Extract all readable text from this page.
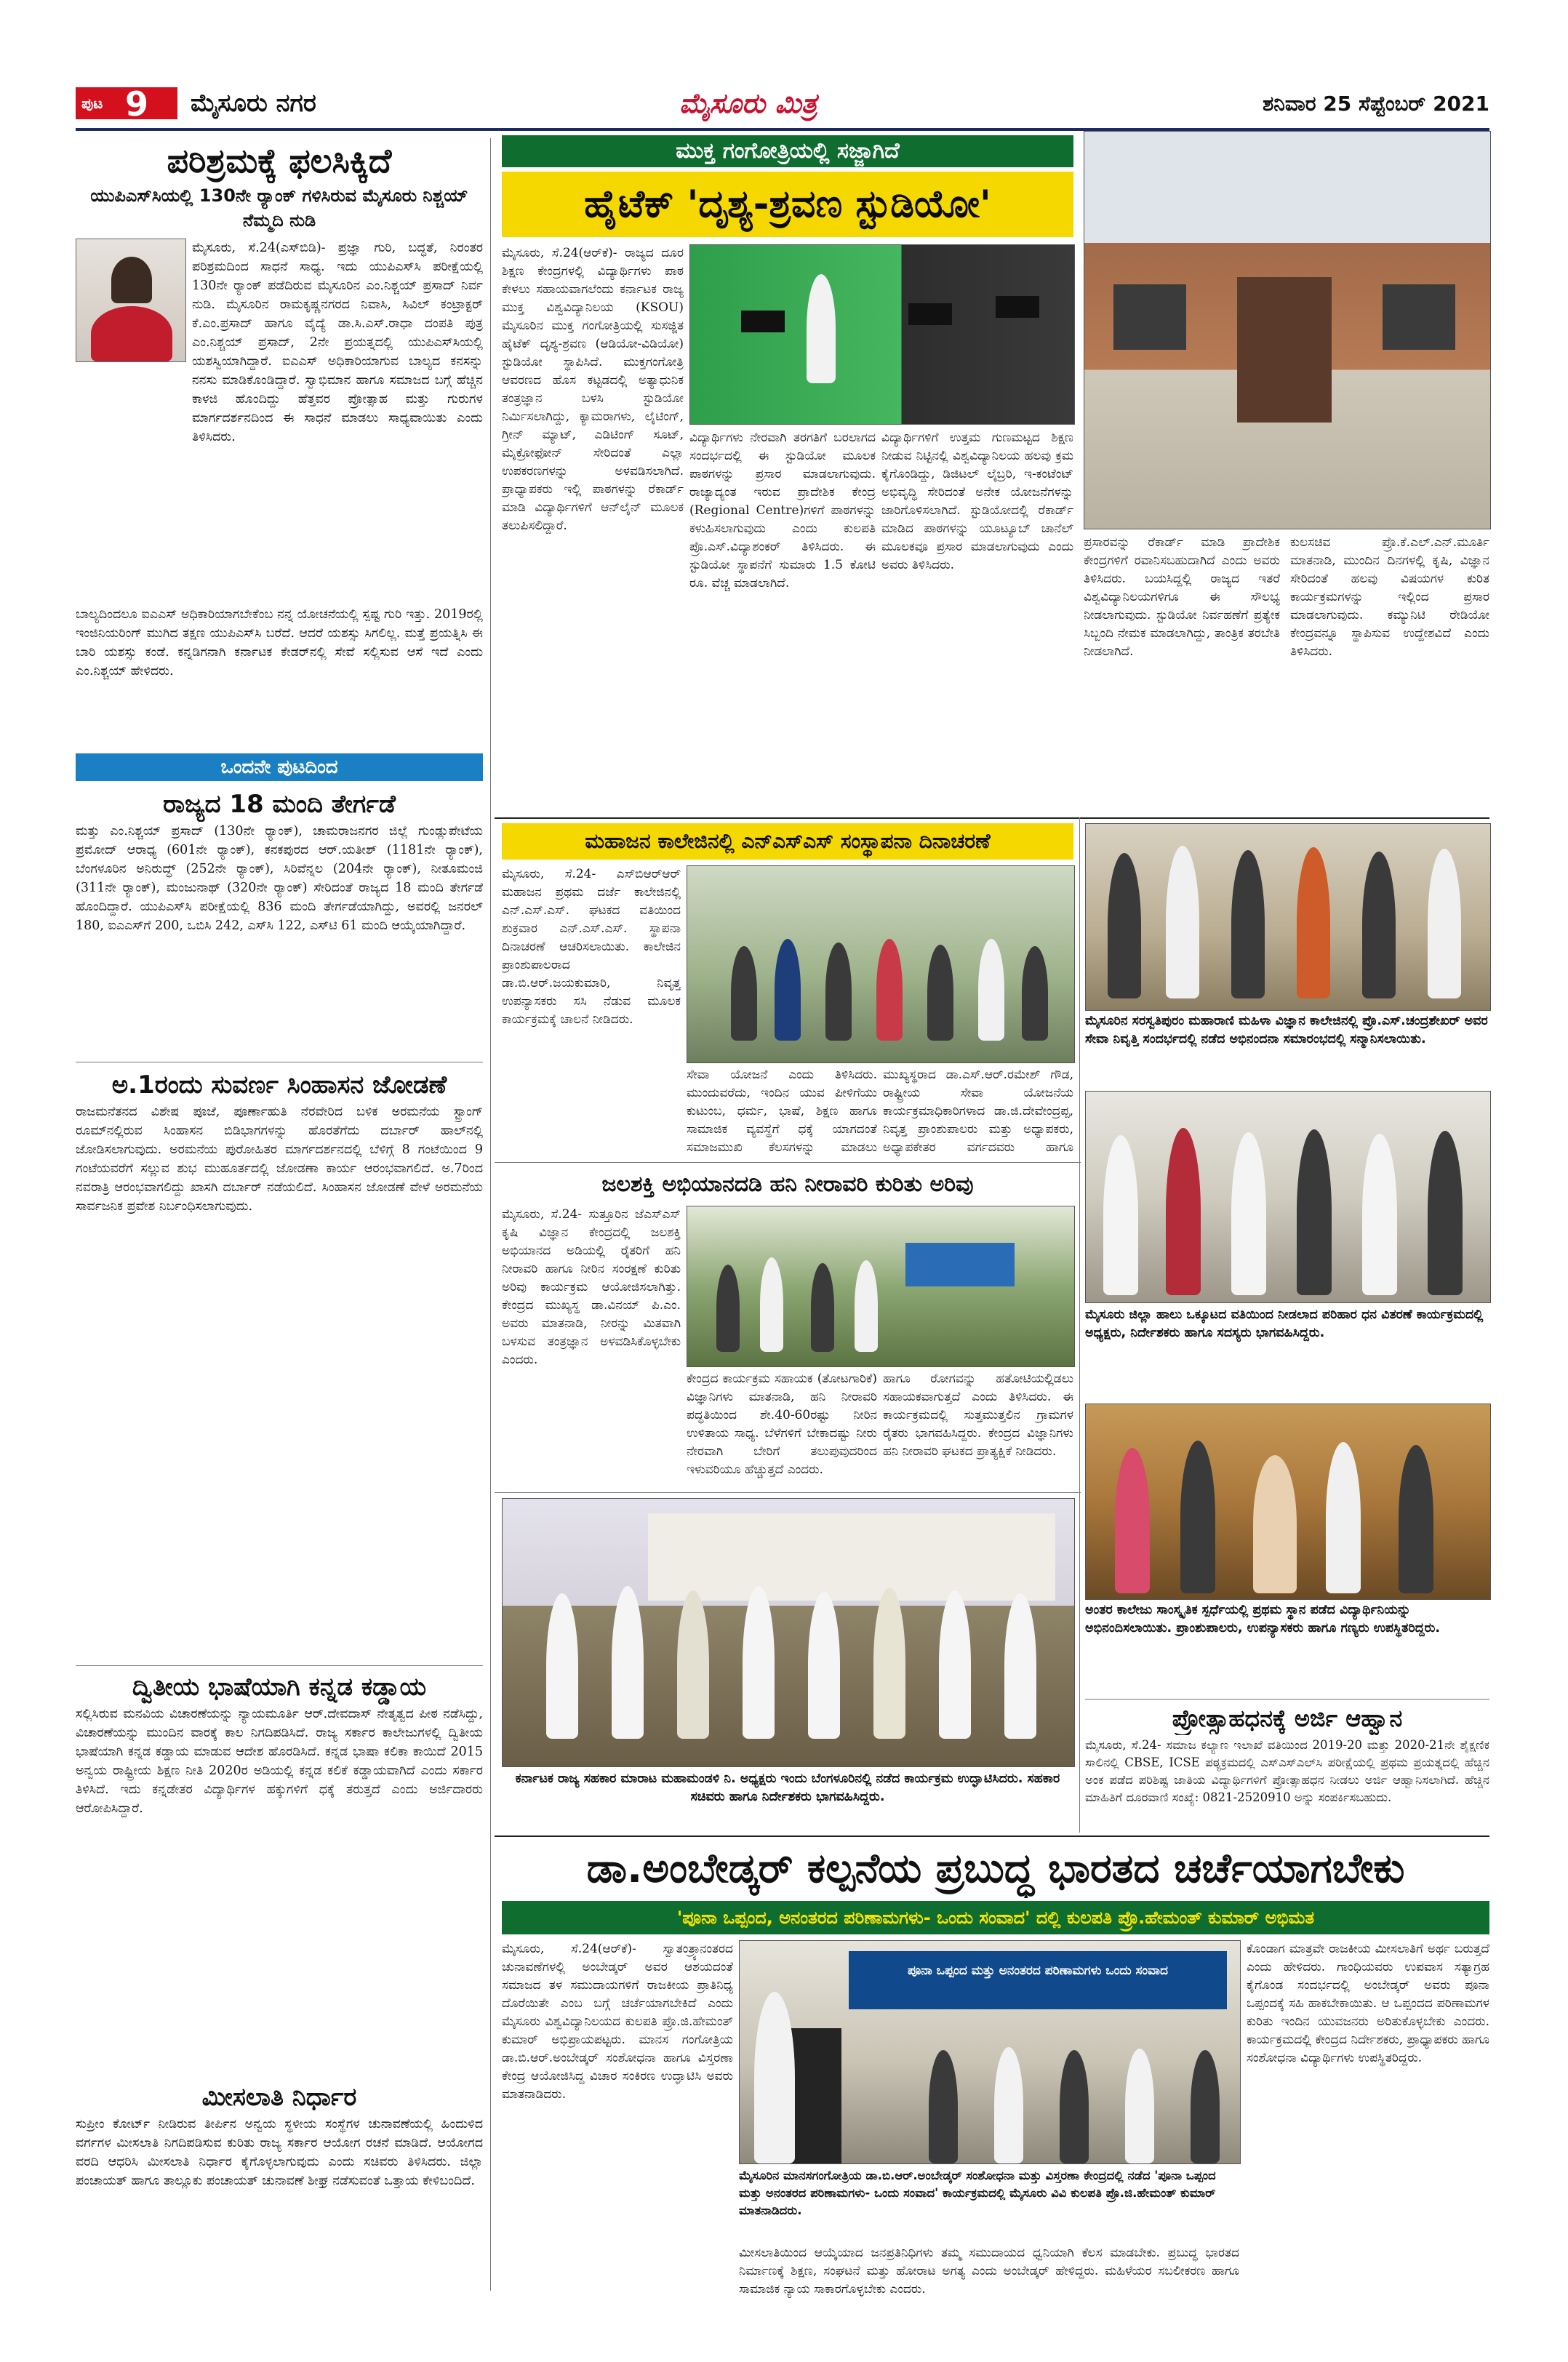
ಪುಟ 9 ಮೈಸೂರು ನಗರ	ಮೈಸೂರು ಮಿತ್ರ	ಶನಿವಾರ 25 ಸೆಪ್ಟೆಂಬರ್ 2021
ಪರಿಶ್ರಮಕ್ಕೆ ಫಲಸಿಕ್ಕಿದೆ
ಯುಪಿಎಸ್‌ಸಿಯಲ್ಲಿ 130ನೇ ರ್‍ಯಾಂಕ್ ಗಳಿಸಿರುವ ಮೈಸೂರು ನಿಶ್ಚಯ್ ನೆಮ್ಮದಿ ನುಡಿ
ಮೈಸೂರು, ಸೆ.24(ಎಸ್‌ಬಿಡಿ)- ಪ್ರಜ್ಞಾ ಗುರಿ, ಬದ್ಧತೆ, ನಿರಂತರ ಪರಿಶ್ರಮದಿಂದ ಸಾಧನೆ ಸಾಧ್ಯ. ಇದು ಯುಪಿಎಸ್‌ಸಿ ಪರೀಕ್ಷೆಯಲ್ಲಿ 130ನೇ ರ್‍ಯಾಂಕ್ ಪಡೆದಿರುವ ಮೈಸೂರಿನ ಎಂ.ನಿಶ್ಚಯ್ ಪ್ರಸಾದ್ ನಿರ್ವ ನುಡಿ. ಮೈಸೂರಿನ ರಾಮಕೃಷ್ಣನಗರದ ನಿವಾಸಿ, ಸಿವಿಲ್ ಕಂಟ್ರಾಕ್ಟರ್ ಕೆ.ಎಂ.ಪ್ರಸಾದ್ ಹಾಗೂ ವೈದ್ಯೆ ಡಾ.ಸಿ.ಎಸ್.ರಾಧಾ ದಂಪತಿ ಪುತ್ರ ಎಂ.ನಿಶ್ಚಯ್ ಪ್ರಸಾದ್, 2ನೇ ಪ್ರಯತ್ನದಲ್ಲಿ ಯುಪಿಎಸ್‌ಸಿಯಲ್ಲಿ ಯಶಸ್ವಿಯಾಗಿದ್ದಾರೆ. ಐಎಎಸ್ ಅಧಿಕಾರಿಯಾಗುವ ಬಾಲ್ಯದ ಕನಸನ್ನು ನನಸು ಮಾಡಿಕೊಂಡಿದ್ದಾರೆ. ಸ್ವಾಭಿಮಾನ ಹಾಗೂ ಸಮಾಜದ ಬಗ್ಗೆ ಹೆಚ್ಚಿನ ಕಾಳಜಿ ಹೊಂದಿದ್ದು ಹೆತ್ತವರ ಪ್ರೋತ್ಸಾಹ ಮತ್ತು ಗುರುಗಳ ಮಾರ್ಗದರ್ಶನದಿಂದ ಈ ಸಾಧನೆ ಮಾಡಲು ಸಾಧ್ಯವಾಯಿತು ಎಂದು ತಿಳಿಸಿದರು.
ಬಾಲ್ಯದಿಂದಲೂ ಐಎಎಸ್ ಅಧಿಕಾರಿಯಾಗಬೇಕೆಂಬ ನನ್ನ ಯೋಚನೆಯಲ್ಲಿ ಸ್ಪಷ್ಟ ಗುರಿ ಇತ್ತು. 2019ರಲ್ಲಿ ಇಂಜಿನಿಯರಿಂಗ್ ಮುಗಿದ ತಕ್ಷಣ ಯುಪಿಎಸ್‌ಸಿ ಬರೆದೆ. ಆದರೆ ಯಶಸ್ಸು ಸಿಗಲಿಲ್ಲ. ಮತ್ತೆ ಪ್ರಯತ್ನಿಸಿ ಈ ಬಾರಿ ಯಶಸ್ಸು ಕಂಡೆ. ಕನ್ನಡಿಗನಾಗಿ ಕರ್ನಾಟಕ ಕೇಡರ್‌ನಲ್ಲಿ ಸೇವೆ ಸಲ್ಲಿಸುವ ಆಸೆ ಇದೆ ಎಂದು ಎಂ.ನಿಶ್ಚಯ್ ಹೇಳಿದರು.
ಒಂದನೇ ಪುಟದಿಂದ
ರಾಜ್ಯದ 18 ಮಂದಿ ತೇರ್ಗಡೆ
ಮತ್ತು ಎಂ.ನಿಶ್ಚಯ್ ಪ್ರಸಾದ್ (130ನೇ ರ್‍ಯಾಂಕ್), ಚಾಮರಾಜನಗರ ಜಿಲ್ಲೆ ಗುಂಡ್ಲುಪೇಟೆಯ ಪ್ರಮೋದ್ ಆರಾಧ್ಯ (601ನೇ ರ್‍ಯಾಂಕ್), ಕನಕಪುರದ ಆರ್.ಯತೀಶ್ (1181ನೇ ರ್‍ಯಾಂಕ್), ಬೆಂಗಳೂರಿನ ಅನಿರುದ್ಧ್ (252ನೇ ರ್‍ಯಾಂಕ್), ಸಿರಿವೆನ್ನಲ (204ನೇ ರ್‍ಯಾಂಕ್), ನೀತೂಮಂಜಿ (311ನೇ ರ್‍ಯಾಂಕ್), ಮಂಜುನಾಥ್ (320ನೇ ರ್‍ಯಾಂಕ್) ಸೇರಿದಂತೆ ರಾಜ್ಯದ 18 ಮಂದಿ ತೇರ್ಗಡೆ ಹೊಂದಿದ್ದಾರೆ. ಯುಪಿಎಸ್‌ಸಿ ಪರೀಕ್ಷೆಯಲ್ಲಿ 836 ಮಂದಿ ತೇರ್ಗಡೆಯಾಗಿದ್ದು, ಅವರಲ್ಲಿ ಜನರಲ್ 180, ಐಎಎಸ್‌ಗೆ 200, ಒಬಿಸಿ 242, ಎಸ್‌ಸಿ 122, ಎಸ್‌ಟಿ 61 ಮಂದಿ ಆಯ್ಕೆಯಾಗಿದ್ದಾರೆ.
ಅ.1ರಂದು ಸುವರ್ಣ ಸಿಂಹಾಸನ ಜೋಡಣೆ
ರಾಜಮನೆತನದ ವಿಶೇಷ ಪೂಜೆ, ಪೂರ್ಣಾಹುತಿ ನೆರವೇರಿದ ಬಳಿಕ ಅರಮನೆಯ ಸ್ಟ್ರಾಂಗ್ ರೂಮ್‌ನಲ್ಲಿರುವ ಸಿಂಹಾಸನ ಬಿಡಿಭಾಗಗಳನ್ನು ಹೊರತೆಗೆದು ದರ್ಬಾರ್ ಹಾಲ್‌ನಲ್ಲಿ ಜೋಡಿಸಲಾಗುವುದು. ಅರಮನೆಯ ಪುರೋಹಿತರ ಮಾರ್ಗದರ್ಶನದಲ್ಲಿ ಬೆಳಿಗ್ಗೆ 8 ಗಂಟೆಯಿಂದ 9 ಗಂಟೆಯವರೆಗೆ ಸಲ್ಲುವ ಶುಭ ಮುಹೂರ್ತದಲ್ಲಿ ಜೋಡಣಾ ಕಾರ್ಯ ಆರಂಭವಾಗಲಿದೆ. ಅ.7ರಿಂದ ನವರಾತ್ರಿ ಆರಂಭವಾಗಲಿದ್ದು ಖಾಸಗಿ ದರ್ಬಾರ್ ನಡೆಯಲಿದೆ. ಸಿಂಹಾಸನ ಜೋಡಣೆ ವೇಳೆ ಅರಮನೆಯ ಸಾರ್ವಜನಿಕ ಪ್ರವೇಶ ನಿರ್ಬಂಧಿಸಲಾಗುವುದು.
ದ್ವಿತೀಯ ಭಾಷೆಯಾಗಿ ಕನ್ನಡ ಕಡ್ಡಾಯ
ಸಲ್ಲಿಸಿರುವ ಮನವಿಯ ವಿಚಾರಣೆಯನ್ನು ನ್ಯಾಯಮೂರ್ತಿ ಆರ್.ದೇವದಾಸ್ ನೇತೃತ್ವದ ಪೀಠ ನಡೆಸಿದ್ದು, ವಿಚಾರಣೆಯನ್ನು ಮುಂದಿನ ವಾರಕ್ಕೆ ಕಾಲ ನಿಗದಿಪಡಿಸಿದೆ. ರಾಜ್ಯ ಸರ್ಕಾರ ಕಾಲೇಜುಗಳಲ್ಲಿ ದ್ವಿತೀಯ ಭಾಷೆಯಾಗಿ ಕನ್ನಡ ಕಡ್ಡಾಯ ಮಾಡುವ ಆದೇಶ ಹೊರಡಿಸಿದೆ. ಕನ್ನಡ ಭಾಷಾ ಕಲಿಕಾ ಕಾಯಿದೆ 2015 ಅನ್ವಯ ರಾಷ್ಟ್ರೀಯ ಶಿಕ್ಷಣ ನೀತಿ 2020ರ ಅಡಿಯಲ್ಲಿ ಕನ್ನಡ ಕಲಿಕೆ ಕಡ್ಡಾಯವಾಗಿದೆ ಎಂದು ಸರ್ಕಾರ ತಿಳಿಸಿದೆ. ಇದು ಕನ್ನಡೇತರ ವಿದ್ಯಾರ್ಥಿಗಳ ಹಕ್ಕುಗಳಿಗೆ ಧಕ್ಕೆ ತರುತ್ತದೆ ಎಂದು ಅರ್ಜಿದಾರರು ಆರೋಪಿಸಿದ್ದಾರೆ.
ಮೀಸಲಾತಿ ನಿರ್ಧಾರ
ಸುಪ್ರೀಂ ಕೋರ್ಟ್ ನೀಡಿರುವ ತೀರ್ಪಿನ ಅನ್ವಯ ಸ್ಥಳೀಯ ಸಂಸ್ಥೆಗಳ ಚುನಾವಣೆಯಲ್ಲಿ ಹಿಂದುಳಿದ ವರ್ಗಗಳ ಮೀಸಲಾತಿ ನಿಗದಿಪಡಿಸುವ ಕುರಿತು ರಾಜ್ಯ ಸರ್ಕಾರ ಆಯೋಗ ರಚನೆ ಮಾಡಿದೆ. ಆಯೋಗದ ವರದಿ ಆಧರಿಸಿ ಮೀಸಲಾತಿ ನಿರ್ಧಾರ ಕೈಗೊಳ್ಳಲಾಗುವುದು ಎಂದು ಸಚಿವರು ತಿಳಿಸಿದರು. ಜಿಲ್ಲಾ ಪಂಚಾಯತ್ ಹಾಗೂ ತಾಲ್ಲೂಕು ಪಂಚಾಯತ್ ಚುನಾವಣೆ ಶೀಘ್ರ ನಡೆಸುವಂತೆ ಒತ್ತಾಯ ಕೇಳಿಬಂದಿದೆ.
ಮುಕ್ತ ಗಂಗೋತ್ರಿಯಲ್ಲಿ ಸಜ್ಜಾಗಿದೆ
ಹೈಟೆಕ್ 'ದೃಶ್ಯ-ಶ್ರವಣ ಸ್ಟುಡಿಯೋ'
ಮೈಸೂರು, ಸೆ.24(ಆರ್‌ಕೆ)- ರಾಜ್ಯದ ದೂರ ಶಿಕ್ಷಣ ಕೇಂದ್ರಗಳಲ್ಲಿ ವಿದ್ಯಾರ್ಥಿಗಳು ಪಾಠ ಕೇಳಲು ಸಹಾಯವಾಗಲೆಂದು ಕರ್ನಾಟಕ ರಾಜ್ಯ ಮುಕ್ತ ವಿಶ್ವವಿದ್ಯಾನಿಲಯ (KSOU) ಮೈಸೂರಿನ ಮುಕ್ತ ಗಂಗೋತ್ರಿಯಲ್ಲಿ ಸುಸಜ್ಜಿತ ಹೈಟೆಕ್ ದೃಶ್ಯ-ಶ್ರವಣ (ಆಡಿಯೋ-ವಿಡಿಯೋ) ಸ್ಟುಡಿಯೋ ಸ್ಥಾಪಿಸಿದೆ. ಮುಕ್ತಗಂಗೋತ್ರಿ ಆವರಣದ ಹೊಸ ಕಟ್ಟಡದಲ್ಲಿ ಅತ್ಯಾಧುನಿಕ ತಂತ್ರಜ್ಞಾನ ಬಳಸಿ ಸ್ಟುಡಿಯೋ ನಿರ್ಮಿಸಲಾಗಿದ್ದು, ಕ್ಯಾಮರಾಗಳು, ಲೈಟಿಂಗ್, ಗ್ರೀನ್ ಮ್ಯಾಟ್, ಎಡಿಟಿಂಗ್ ಸೂಟ್, ಮೈಕ್ರೋಫೋನ್ ಸೇರಿದಂತೆ ಎಲ್ಲಾ ಉಪಕರಣಗಳನ್ನು ಅಳವಡಿಸಲಾಗಿದೆ. ಪ್ರಾಧ್ಯಾಪಕರು ಇಲ್ಲಿ ಪಾಠಗಳನ್ನು ರೆಕಾರ್ಡ್ ಮಾಡಿ ವಿದ್ಯಾರ್ಥಿಗಳಿಗೆ ಆನ್‌ಲೈನ್ ಮೂಲಕ ತಲುಪಿಸಲಿದ್ದಾರೆ.
ವಿದ್ಯಾರ್ಥಿಗಳು ನೇರವಾಗಿ ತರಗತಿಗೆ ಬರಲಾಗದ ಸಂದರ್ಭದಲ್ಲಿ ಈ ಸ್ಟುಡಿಯೋ ಮೂಲಕ ಪಾಠಗಳನ್ನು ಪ್ರಸಾರ ಮಾಡಲಾಗುವುದು. ರಾಜ್ಯಾದ್ಯಂತ ಇರುವ ಪ್ರಾದೇಶಿಕ ಕೇಂದ್ರ (Regional Centre)ಗಳಿಗೆ ಪಾಠಗಳನ್ನು ಕಳುಹಿಸಲಾಗುವುದು ಎಂದು ಕುಲಪತಿ ಪ್ರೊ.ಎಸ್.ವಿದ್ಯಾಶಂಕರ್ ತಿಳಿಸಿದರು. ಈ ಸ್ಟುಡಿಯೋ ಸ್ಥಾಪನೆಗೆ ಸುಮಾರು 1.5 ಕೋಟಿ ರೂ. ವೆಚ್ಚ ಮಾಡಲಾಗಿದೆ.
ವಿದ್ಯಾರ್ಥಿಗಳಿಗೆ ಉತ್ತಮ ಗುಣಮಟ್ಟದ ಶಿಕ್ಷಣ ನೀಡುವ ನಿಟ್ಟಿನಲ್ಲಿ ವಿಶ್ವವಿದ್ಯಾನಿಲಯ ಹಲವು ಕ್ರಮ ಕೈಗೊಂಡಿದ್ದು, ಡಿಜಿಟಲ್ ಲೈಬ್ರರಿ, ಇ-ಕಂಟೆಂಟ್ ಅಭಿವೃದ್ಧಿ ಸೇರಿದಂತೆ ಅನೇಕ ಯೋಜನೆಗಳನ್ನು ಜಾರಿಗೊಳಿಸಲಾಗಿದೆ. ಸ್ಟುಡಿಯೋದಲ್ಲಿ ರೆಕಾರ್ಡ್ ಮಾಡಿದ ಪಾಠಗಳನ್ನು ಯೂಟ್ಯೂಬ್ ಚಾನೆಲ್ ಮೂಲಕವೂ ಪ್ರಸಾರ ಮಾಡಲಾಗುವುದು ಎಂದು ಅವರು ತಿಳಿಸಿದರು.
ಪ್ರಸಾರವನ್ನು ರೆಕಾರ್ಡ್ ಮಾಡಿ ಪ್ರಾದೇಶಿಕ ಕೇಂದ್ರಗಳಿಗೆ ರವಾನಿಸಬಹುದಾಗಿದೆ ಎಂದು ಅವರು ತಿಳಿಸಿದರು. ಬಯಸಿದ್ದಲ್ಲಿ ರಾಜ್ಯದ ಇತರೆ ವಿಶ್ವವಿದ್ಯಾನಿಲಯಗಳಿಗೂ ಈ ಸೌಲಭ್ಯ ನೀಡಲಾಗುವುದು. ಸ್ಟುಡಿಯೋ ನಿರ್ವಹಣೆಗೆ ಪ್ರತ್ಯೇಕ ಸಿಬ್ಬಂದಿ ನೇಮಕ ಮಾಡಲಾಗಿದ್ದು, ತಾಂತ್ರಿಕ ತರಬೇತಿ ನೀಡಲಾಗಿದೆ.
ಕುಲಸಚಿವ ಪ್ರೊ.ಕೆ.ಎಲ್.ಎನ್.ಮೂರ್ತಿ ಮಾತನಾಡಿ, ಮುಂದಿನ ದಿನಗಳಲ್ಲಿ ಕೃಷಿ, ವಿಜ್ಞಾನ ಸೇರಿದಂತೆ ಹಲವು ವಿಷಯಗಳ ಕುರಿತ ಕಾರ್ಯಕ್ರಮಗಳನ್ನು ಇಲ್ಲಿಂದ ಪ್ರಸಾರ ಮಾಡಲಾಗುವುದು. ಕಮ್ಯುನಿಟಿ ರೇಡಿಯೋ ಕೇಂದ್ರವನ್ನೂ ಸ್ಥಾಪಿಸುವ ಉದ್ದೇಶವಿದೆ ಎಂದು ತಿಳಿಸಿದರು.
ಮಹಾಜನ ಕಾಲೇಜಿನಲ್ಲಿ ಎನ್‌ಎಸ್‌ಎಸ್ ಸಂಸ್ಥಾಪನಾ ದಿನಾಚರಣೆ
ಮೈಸೂರು, ಸೆ.24- ಎಸ್‌ಬಿಆರ್‌ಆರ್ ಮಹಾಜನ ಪ್ರಥಮ ದರ್ಜೆ ಕಾಲೇಜಿನಲ್ಲಿ ಎನ್.ಎಸ್.ಎಸ್. ಘಟಕದ ವತಿಯಿಂದ ಶುಕ್ರವಾರ ಎನ್.ಎಸ್.ಎಸ್. ಸ್ಥಾಪನಾ ದಿನಾಚರಣೆ ಆಚರಿಸಲಾಯಿತು. ಕಾಲೇಜಿನ ಪ್ರಾಂಶುಪಾಲರಾದ ಡಾ.ಬಿ.ಆರ್.ಜಯಕುಮಾರಿ, ನಿವೃತ್ತ ಉಪನ್ಯಾಸಕರು ಸಸಿ ನೆಡುವ ಮೂಲಕ ಕಾರ್ಯಕ್ರಮಕ್ಕೆ ಚಾಲನೆ ನೀಡಿದರು.
ಸೇವಾ ಯೋಜನೆ ಎಂದು ತಿಳಿಸಿದರು. ಮುಂದುವರೆದು, ಇಂದಿನ ಯುವ ಪೀಳಿಗೆಯು ಕುಟುಂಬ, ಧರ್ಮ, ಭಾಷೆ, ಶಿಕ್ಷಣ ಹಾಗೂ ಸಾಮಾಜಿಕ ವ್ಯವಸ್ಥೆಗೆ ಧಕ್ಕೆ ಯಾಗದಂತೆ ಸಮಾಜಮುಖಿ ಕೆಲಸಗಳನ್ನು ಮಾಡಲು
ಮುಖ್ಯಸ್ಥರಾದ ಡಾ.ಎಸ್.ಆರ್.ರಮೇಶ್ ಗೌಡ, ರಾಷ್ಟ್ರೀಯ ಸೇವಾ ಯೋಜನೆಯ ಕಾರ್ಯಕ್ರಮಾಧಿಕಾರಿಗಳಾದ ಡಾ.ಜಿ.ದೇವೇಂದ್ರಪ್ಪ, ನಿವೃತ್ತ ಪ್ರಾಂಶುಪಾಲರು ಮತ್ತು ಅಧ್ಯಾಪಕರು, ಅಧ್ಯಾಪಕೇತರ ವರ್ಗದವರು ಹಾಗೂ
ಜಲಶಕ್ತಿ ಅಭಿಯಾನದಡಿ ಹನಿ ನೀರಾವರಿ ಕುರಿತು ಅರಿವು
ಮೈಸೂರು, ಸೆ.24- ಸುತ್ತೂರಿನ ಜೆಎಸ್‌ಎಸ್ ಕೃಷಿ ವಿಜ್ಞಾನ ಕೇಂದ್ರದಲ್ಲಿ ಜಲಶಕ್ತಿ ಅಭಿಯಾನದ ಅಡಿಯಲ್ಲಿ ರೈತರಿಗೆ ಹನಿ ನೀರಾವರಿ ಹಾಗೂ ನೀರಿನ ಸಂರಕ್ಷಣೆ ಕುರಿತು ಅರಿವು ಕಾರ್ಯಕ್ರಮ ಆಯೋಜಿಸಲಾಗಿತ್ತು. ಕೇಂದ್ರದ ಮುಖ್ಯಸ್ಥ ಡಾ.ವಿನಯ್ ಪಿ.ಎಂ. ಅವರು ಮಾತನಾಡಿ, ನೀರನ್ನು ಮಿತವಾಗಿ ಬಳಸುವ ತಂತ್ರಜ್ಞಾನ ಅಳವಡಿಸಿಕೊಳ್ಳಬೇಕು ಎಂದರು.
ಕೇಂದ್ರದ ಕಾರ್ಯಕ್ರಮ ಸಹಾಯಕ (ತೋಟಗಾರಿಕೆ) ವಿಜ್ಞಾನಿಗಳು ಮಾತನಾಡಿ, ಹನಿ ನೀರಾವರಿ ಪದ್ಧತಿಯಿಂದ ಶೇ.40-60ರಷ್ಟು ನೀರಿನ ಉಳಿತಾಯ ಸಾಧ್ಯ. ಬೆಳೆಗಳಿಗೆ ಬೇಕಾದಷ್ಟು ನೀರು ನೇರವಾಗಿ ಬೇರಿಗೆ ತಲುಪುವುದರಿಂದ ಇಳುವರಿಯೂ ಹೆಚ್ಚುತ್ತದೆ ಎಂದರು.
ಹಾಗೂ ರೋಗವನ್ನು ಹತೋಟಿಯಲ್ಲಿಡಲು ಸಹಾಯಕವಾಗುತ್ತದೆ ಎಂದು ತಿಳಿಸಿದರು. ಈ ಕಾರ್ಯಕ್ರಮದಲ್ಲಿ ಸುತ್ತಮುತ್ತಲಿನ ಗ್ರಾಮಗಳ ರೈತರು ಭಾಗವಹಿಸಿದ್ದರು. ಕೇಂದ್ರದ ವಿಜ್ಞಾನಿಗಳು ಹನಿ ನೀರಾವರಿ ಘಟಕದ ಪ್ರಾತ್ಯಕ್ಷಿಕೆ ನೀಡಿದರು.
ಕರ್ನಾಟಕ ರಾಜ್ಯ ಸಹಕಾರ ಮಾರಾಟ ಮಹಾಮಂಡಳಿ ನಿ. ಅಧ್ಯಕ್ಷರು ಇಂದು ಬೆಂಗಳೂರಿನಲ್ಲಿ ನಡೆದ ಕಾರ್ಯಕ್ರಮ ಉದ್ಘಾಟಿಸಿದರು. ಸಹಕಾರ ಸಚಿವರು ಹಾಗೂ ನಿರ್ದೇಶಕರು ಭಾಗವಹಿಸಿದ್ದರು.
ಮೈಸೂರಿನ ಸರಸ್ವತಿಪುರಂ ಮಹಾರಾಣಿ ಮಹಿಳಾ ವಿಜ್ಞಾನ ಕಾಲೇಜಿನಲ್ಲಿ ಪ್ರೊ.ಎಸ್.ಚಂದ್ರಶೇಖರ್ ಅವರ ಸೇವಾ ನಿವೃತ್ತಿ ಸಂದರ್ಭದಲ್ಲಿ ನಡೆದ ಅಭಿನಂದನಾ ಸಮಾರಂಭದಲ್ಲಿ ಸನ್ಮಾನಿಸಲಾಯಿತು.
ಮೈಸೂರು ಜಿಲ್ಲಾ ಹಾಲು ಒಕ್ಕೂಟದ ವತಿಯಿಂದ ನೀಡಲಾದ ಪರಿಹಾರ ಧನ ವಿತರಣೆ ಕಾರ್ಯಕ್ರಮದಲ್ಲಿ ಅಧ್ಯಕ್ಷರು, ನಿರ್ದೇಶಕರು ಹಾಗೂ ಸದಸ್ಯರು ಭಾಗವಹಿಸಿದ್ದರು.
ಅಂತರ ಕಾಲೇಜು ಸಾಂಸ್ಕೃತಿಕ ಸ್ಪರ್ಧೆಯಲ್ಲಿ ಪ್ರಥಮ ಸ್ಥಾನ ಪಡೆದ ವಿದ್ಯಾರ್ಥಿನಿಯನ್ನು ಅಭಿನಂದಿಸಲಾಯಿತು. ಪ್ರಾಂಶುಪಾಲರು, ಉಪನ್ಯಾಸಕರು ಹಾಗೂ ಗಣ್ಯರು ಉಪಸ್ಥಿತರಿದ್ದರು.
ಪ್ರೋತ್ಸಾಹಧನಕ್ಕೆ ಅರ್ಜಿ ಆಹ್ವಾನ
ಮೈಸೂರು, ಸೆ.24- ಸಮಾಜ ಕಲ್ಯಾಣ ಇಲಾಖೆ ವತಿಯಿಂದ 2019-20 ಮತ್ತು 2020-21ನೇ ಶೈಕ್ಷಣಿಕ ಸಾಲಿನಲ್ಲಿ CBSE, ICSE ಪಠ್ಯಕ್ರಮದಲ್ಲಿ ಎಸ್‌ಎಸ್‌ಎಲ್‌ಸಿ ಪರೀಕ್ಷೆಯಲ್ಲಿ ಪ್ರಥಮ ಪ್ರಯತ್ನದಲ್ಲಿ ಹೆಚ್ಚಿನ ಅಂಕ ಪಡೆದ ಪರಿಶಿಷ್ಟ ಜಾತಿಯ ವಿದ್ಯಾರ್ಥಿಗಳಿಗೆ ಪ್ರೋತ್ಸಾಹಧನ ನೀಡಲು ಅರ್ಜಿ ಆಹ್ವಾನಿಸಲಾಗಿದೆ. ಹೆಚ್ಚಿನ ಮಾಹಿತಿಗೆ ದೂರವಾಣಿ ಸಂಖ್ಯೆ: 0821-2520910 ಅನ್ನು ಸಂಪರ್ಕಿಸಬಹುದು.
ಡಾ.ಅಂಬೇಡ್ಕರ್ ಕಲ್ಪನೆಯ ಪ್ರಬುದ್ಧ ಭಾರತದ ಚರ್ಚೆಯಾಗಬೇಕು
'ಪೂನಾ ಒಪ್ಪಂದ, ಅನಂತರದ ಪರಿಣಾಮಗಳು- ಒಂದು ಸಂವಾದ' ದಲ್ಲಿ ಕುಲಪತಿ ಪ್ರೊ.ಹೇಮಂತ್ ಕುಮಾರ್ ಅಭಿಮತ
ಮೈಸೂರು, ಸೆ.24(ಆರ್‌ಕೆ)- ಸ್ವಾತಂತ್ರ್ಯಾನಂತರದ ಚುನಾವಣೆಗಳಲ್ಲಿ ಅಂಬೇಡ್ಕರ್ ಅವರ ಆಶಯದಂತೆ ಸಮಾಜದ ತಳ ಸಮುದಾಯಗಳಿಗೆ ರಾಜಕೀಯ ಪ್ರಾತಿನಿಧ್ಯ ದೊರೆಯಿತೇ ಎಂಬ ಬಗ್ಗೆ ಚರ್ಚೆಯಾಗಬೇಕಿದೆ ಎಂದು ಮೈಸೂರು ವಿಶ್ವವಿದ್ಯಾನಿಲಯದ ಕುಲಪತಿ ಪ್ರೊ.ಜಿ.ಹೇಮಂತ್ ಕುಮಾರ್ ಅಭಿಪ್ರಾಯಪಟ್ಟರು. ಮಾನಸ ಗಂಗೋತ್ರಿಯ ಡಾ.ಬಿ.ಆರ್.ಅಂಬೇಡ್ಕರ್ ಸಂಶೋಧನಾ ಹಾಗೂ ವಿಸ್ತರಣಾ ಕೇಂದ್ರ ಆಯೋಜಿಸಿದ್ದ ವಿಚಾರ ಸಂಕಿರಣ ಉದ್ಘಾಟಿಸಿ ಅವರು ಮಾತನಾಡಿದರು.
ಪೂನಾ ಒಪ್ಪಂದ ಮತ್ತು ಅನಂತರದ ಪರಿಣಾಮಗಳು ಒಂದು ಸಂವಾದ
ಮೈಸೂರಿನ ಮಾನಸಗಂಗೋತ್ರಿಯ ಡಾ.ಬಿ.ಆರ್.ಅಂಬೇಡ್ಕರ್ ಸಂಶೋಧನಾ ಮತ್ತು ವಿಸ್ತರಣಾ ಕೇಂದ್ರದಲ್ಲಿ ನಡೆದ 'ಪೂನಾ ಒಪ್ಪಂದ ಮತ್ತು ಅನಂತರದ ಪರಿಣಾಮಗಳು- ಒಂದು ಸಂವಾದ' ಕಾರ್ಯಕ್ರಮದಲ್ಲಿ ಮೈಸೂರು ವಿವಿ ಕುಲಪತಿ ಪ್ರೊ.ಜಿ.ಹೇಮಂತ್ ಕುಮಾರ್ ಮಾತನಾಡಿದರು.
ಕೊಂಡಾಗ ಮಾತ್ರವೇ ರಾಜಕೀಯ ಮೀಸಲಾತಿಗೆ ಅರ್ಥ ಬರುತ್ತದೆ ಎಂದು ಹೇಳಿದರು. ಗಾಂಧಿಯವರು ಉಪವಾಸ ಸತ್ಯಾಗ್ರಹ ಕೈಗೊಂಡ ಸಂದರ್ಭದಲ್ಲಿ ಅಂಬೇಡ್ಕರ್ ಅವರು ಪೂನಾ ಒಪ್ಪಂದಕ್ಕೆ ಸಹಿ ಹಾಕಬೇಕಾಯಿತು. ಆ ಒಪ್ಪಂದದ ಪರಿಣಾಮಗಳ ಕುರಿತು ಇಂದಿನ ಯುವಜನರು ಅರಿತುಕೊಳ್ಳಬೇಕು ಎಂದರು. ಕಾರ್ಯಕ್ರಮದಲ್ಲಿ ಕೇಂದ್ರದ ನಿರ್ದೇಶಕರು, ಪ್ರಾಧ್ಯಾಪಕರು ಹಾಗೂ ಸಂಶೋಧನಾ ವಿದ್ಯಾರ್ಥಿಗಳು ಉಪಸ್ಥಿತರಿದ್ದರು.
ಮೀಸಲಾತಿಯಿಂದ ಆಯ್ಕೆಯಾದ ಜನಪ್ರತಿನಿಧಿಗಳು ತಮ್ಮ ಸಮುದಾಯದ ಧ್ವನಿಯಾಗಿ ಕೆಲಸ ಮಾಡಬೇಕು. ಪ್ರಬುದ್ಧ ಭಾರತದ ನಿರ್ಮಾಣಕ್ಕೆ ಶಿಕ್ಷಣ, ಸಂಘಟನೆ ಮತ್ತು ಹೋರಾಟ ಅಗತ್ಯ ಎಂದು ಅಂಬೇಡ್ಕರ್ ಹೇಳಿದ್ದರು. ಮಹಿಳೆಯರ ಸಬಲೀಕರಣ ಹಾಗೂ ಸಾಮಾಜಿಕ ನ್ಯಾಯ ಸಾಕಾರಗೊಳ್ಳಬೇಕು ಎಂದರು.
